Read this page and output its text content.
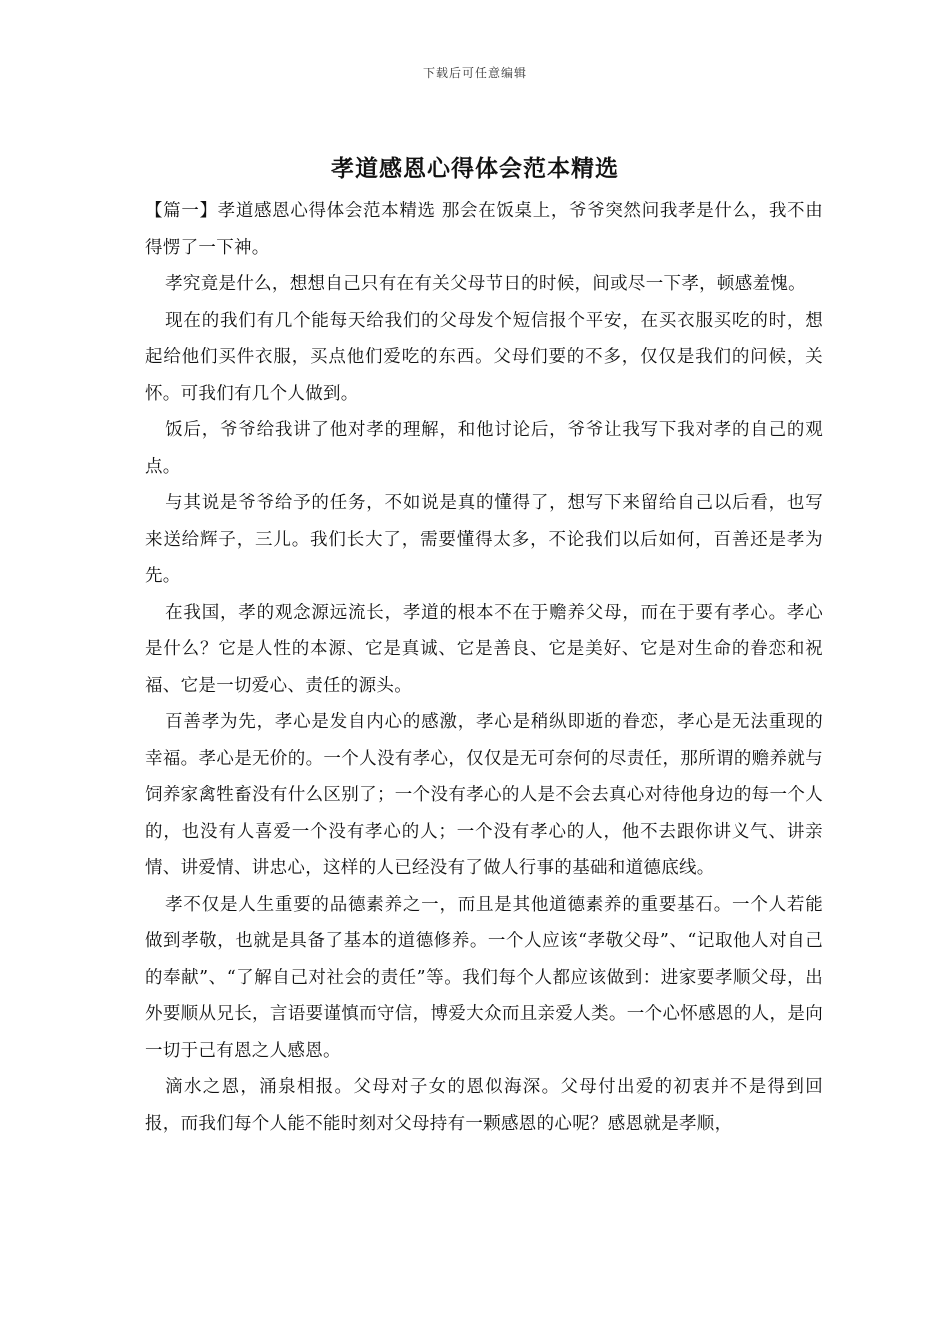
下载后可任意编辑
孝道感恩心得体会范本精选

【篇一】孝道感恩心得体会范本精选 那会在饭桌上，爷爷突然问我孝是什么，我不由得愣了一下神。

孝究竟是什么，想想自己只有在有关父母节日的时候，间或尽一下孝，顿感羞愧。

现在的我们有几个能每天给我们的父母发个短信报个平安，在买衣服买吃的时，想起给他们买件衣服，买点他们爱吃的东西。父母们要的不多，仅仅是我们的问候，关怀。可我们有几个人做到。

饭后，爷爷给我讲了他对孝的理解，和他讨论后，爷爷让我写下我对孝的自己的观点。

与其说是爷爷给予的任务，不如说是真的懂得了，想写下来留给自己以后看，也写来送给辉子，三儿。我们长大了，需要懂得太多，不论我们以后如何，百善还是孝为先。

在我国，孝的观念源远流长，孝道的根本不在于赡养父母，而在于要有孝心。孝心是什么？它是人性的本源、它是真诚、它是善良、它是美好、它是对生命的眷恋和祝福、它是一切爱心、责任的源头。

百善孝为先，孝心是发自内心的感激，孝心是稍纵即逝的眷恋，孝心是无法重现的幸福。孝心是无价的。一个人没有孝心，仅仅是无可奈何的尽责任，那所谓的赡养就与饲养家禽牲畜没有什么区别了；一个没有孝心的人是不会去真心对待他身边的每一个人的，也没有人喜爱一个没有孝心的人；一个没有孝心的人，他不去跟你讲义气、讲亲情、讲爱情、讲忠心，这样的人已经没有了做人行事的基础和道德底线。

孝不仅是人生重要的品德素养之一，而且是其他道德素养的重要基石。一个人若能做到孝敬，也就是具备了基本的道德修养。一个人应该“孝敬父母”、“记取他人对自己的奉献”、“了解自己对社会的责任”等。我们每个人都应该做到：进家要孝顺父母，出外要顺从兄长，言语要谨慎而守信，博爱大众而且亲爱人类。一个心怀感恩的人，是向一切于己有恩之人感恩。

滴水之恩，涌泉相报。父母对子女的恩似海深。父母付出爱的初衷并不是得到回报，而我们每个人能不能时刻对父母持有一颗感恩的心呢？感恩就是孝顺，
